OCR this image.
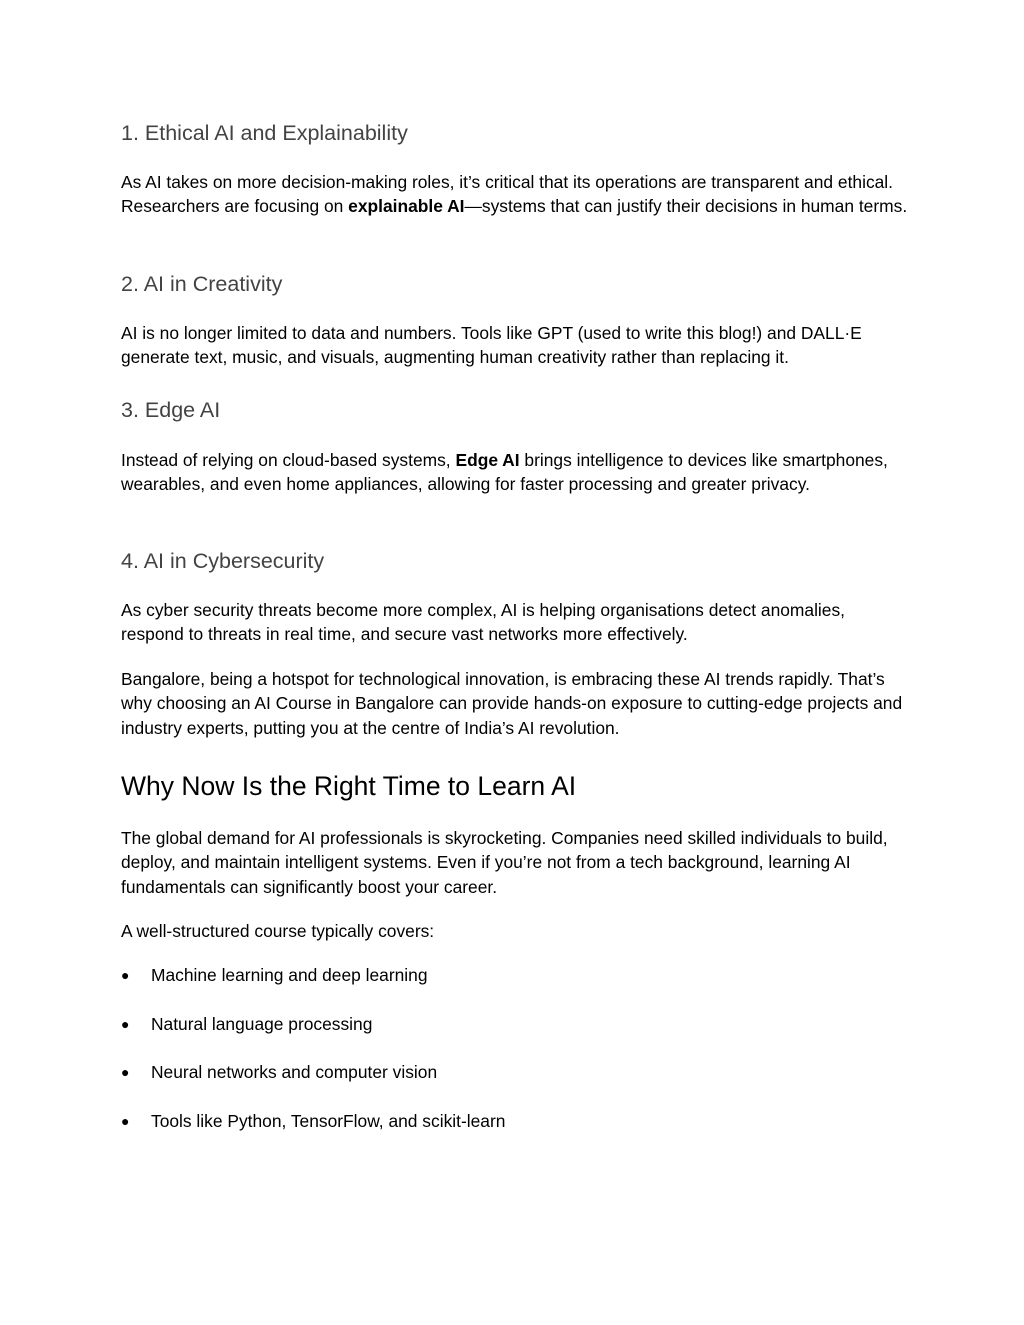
1. Ethical AI and Explainability

As AI takes on more decision-making roles, it’s critical that its operations are transparent and ethical. Researchers are focusing on explainable AI—systems that can justify their decisions in human terms.

2. AI in Creativity

AI is no longer limited to data and numbers. Tools like GPT (used to write this blog!) and DALL·E generate text, music, and visuals, augmenting human creativity rather than replacing it.

3. Edge AI

Instead of relying on cloud-based systems, Edge AI brings intelligence to devices like smartphones, wearables, and even home appliances, allowing for faster processing and greater privacy.

4. AI in Cybersecurity

As cyber security threats become more complex, AI is helping organisations detect anomalies, respond to threats in real time, and secure vast networks more effectively.

Bangalore, being a hotspot for technological innovation, is embracing these AI trends rapidly. That’s why choosing an AI Course in Bangalore can provide hands-on exposure to cutting-edge projects and industry experts, putting you at the centre of India’s AI revolution.

Why Now Is the Right Time to Learn AI

The global demand for AI professionals is skyrocketing. Companies need skilled individuals to build, deploy, and maintain intelligent systems. Even if you’re not from a tech background, learning AI fundamentals can significantly boost your career.

A well-structured course typically covers:

● Machine learning and deep learning
● Natural language processing
● Neural networks and computer vision
● Tools like Python, TensorFlow, and scikit-learn
